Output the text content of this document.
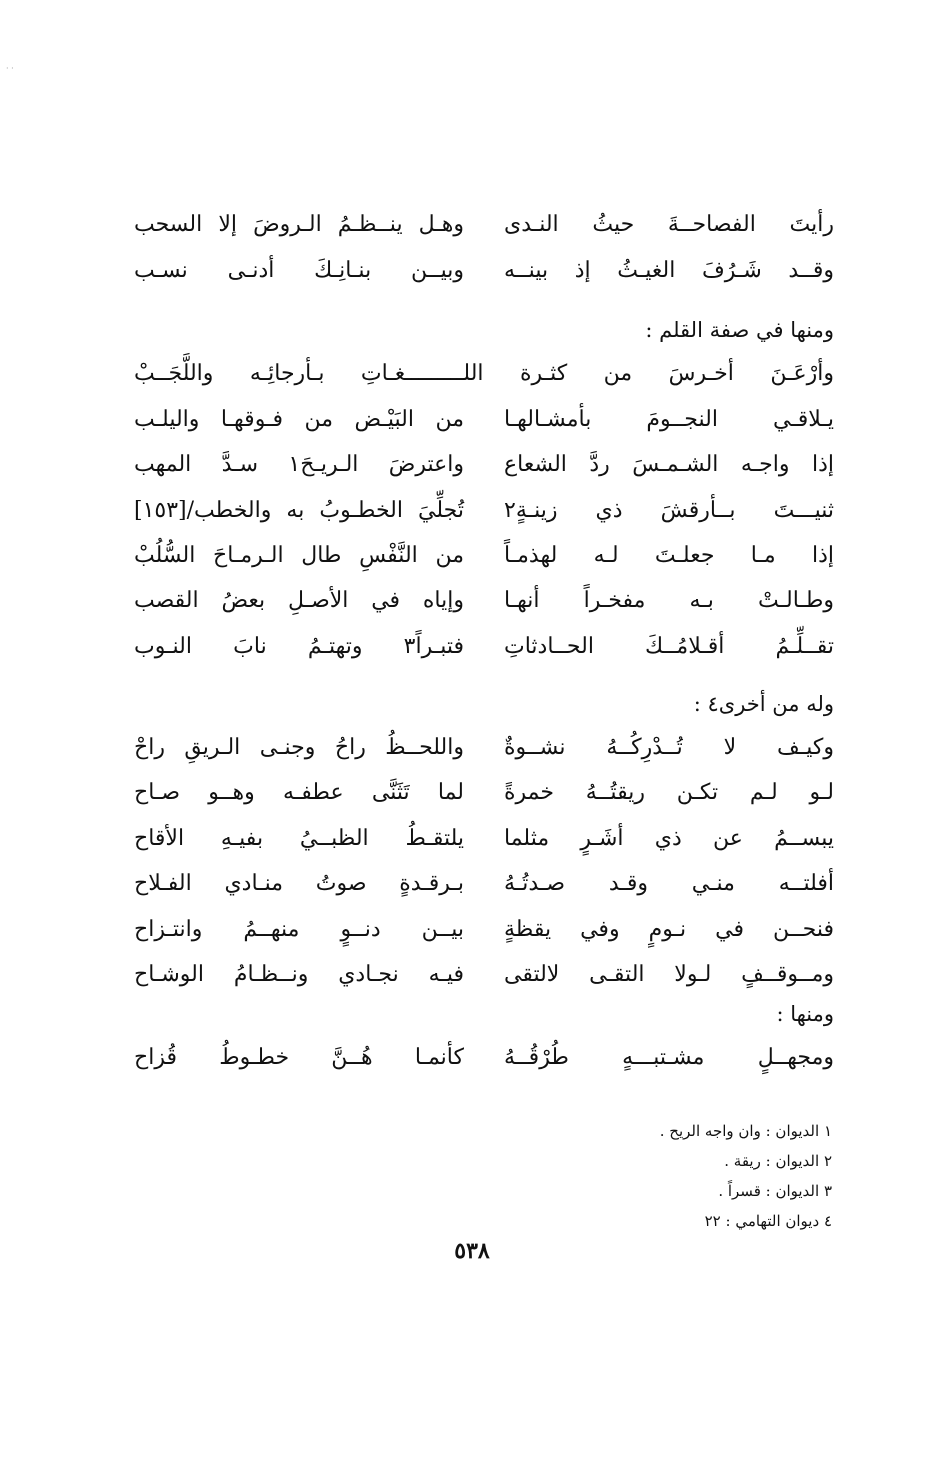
· ·
رأيتَ الفصاحــةَ حيثُ النـدى
وهـل ينــظـمُ الـروضَ إلا السحب
وقــد شَـرُفَ الغيـثُ إذ بينــه
وبيــن بنـانِـكَ أدنـى نسـب
ومنها في صفة القلم :
وأرْعَـنَ أخـرسَ من كثـرة اللـــــــــغـاتِ بـأرجائِـه واللَّجَــبْ
يـلاقـي النجــومَ بأمشـالهـا
من البَيْـض من فـوقهـا واليلـب
إذا واجـه الشـمـسَ ردَّ الشعاع
واعترضَ الـريـحَ١ سـدَّ المهب
ثنيـــتَ بــأرقشَ ذي زينـةٍ٢
تُجلِّيَ الخطـوبُ به والخطب/[١٥٣]
إذا مـا جعلـتَ لـه لهذمـاً
من النَّفْسِ طال الـرمـاحَ السُّلُبْ
وطـالـتْ بـه مفخـراً أنهـا
وإياه في الأصـلِ بعضُ القصب
تقــلِّـمُ أقـلامُــكَ الحــادثاتِ
فتبـراً٣ وتهتـمُ نابَ النـوب
وله من أخرى٤ :
وكيـف لا تُــدْرِكُــهُ نشــوةٌ
واللحــظُ راحُ وجنـى الـريقِ راحْ
لـو لـم تكـن ريقتُــهُ خمرةً
لما تَثَنَّى عطفـه وهــو صـاح
يبســمُ عن ذي أشَـرٍ مثلما
يلتقـطُ الظبــيُ بفيـهِ الأقاح
أفلتــه منـي وقـد صـدتُـهُ
بـرقـدةٍ صوتُ منـادي الفـلاح
فنحــن في نـومٍ وفي يقظةٍ
بيــن دنــوٍ منهــمُ وانتـزاح
ومــوقــفٍ لـولا التقـى لالتقى
فيـه نجـادي ونــظـامُ الوشـاح
ومنها :
ومجهــلٍ مشـتبـــهٍ طُرْقُــهُ
كأنمـا هُــنَّ خطـوطُ قُزاح
١ الديوان : وان واجه الريح .
٢ الديوان : ريقة .
٣ الديوان : قسراً .
٤ ديوان التهامي : ٢٢
٥٣٨
